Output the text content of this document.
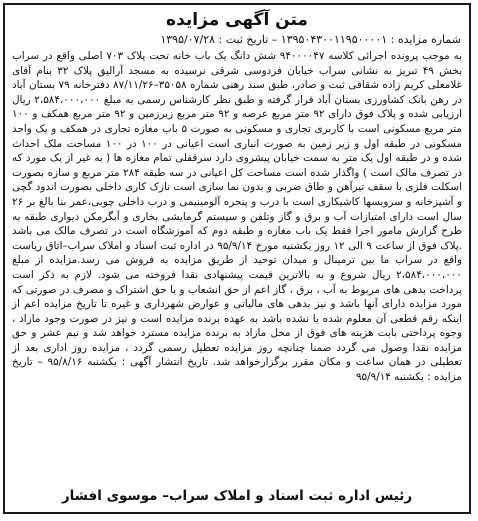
متن آگهی مزایده
شماره مزایده : ۱۳۹۵۰۴۳۰۰۱۱۹۵۰۰۰۰۱ – تاریخ ثبت : ۱۳۹۵/۰۷/۲۸
به موجب پرونده اجرائی کلاسه ۹۴۰۰۰۰۴۷ شش دانگ یک باب خانه تحت پلاک ۷۰۳ اصلی واقع در سراب بخش ۴۹ تبریز به نشانی سراب خیابان فردوسی شرقی نرسیده به مسجد آرالیق پلاک ۳۲ بنام آقای غلامعلی کریم زاده شقاقی ثبت و صادر، طبق سند رهنی شماره ۳۵۰۵۸–۸۷/۱۱/۲۶ دفترخانه ۷۹ بستان آباد در رهن بانک کشاورزی بستان آباد قرار گرفته و طبق نظر کارشناس رسمی به مبلغ ۲،۵۸۴،۰۰۰،۰۰۰ ریال ارزیابی شده و پلاک فوق دارای ۹۲ متر مربع عرصه و ۹۲ متر مربع زیرزمین و ۹۲ متر مربع همکف و ۱۰۰ متر مربع مسکونی است با کاربری تجاری و مسکونی به صورت ۵ باب مغازه تجاری در همکف و یک واحد مسکونی در طبقه اول و زیر زمین به صورت انباری است اعیانی در ۱۰۰ در ۱۰۰ مساحت ملک احداث شده و در طبقه اول یک متر به سمت خیابان پیشروی دارد سرقفلی تمام مغازه ها ( به غیر از یک مورد که در تصرف مالک است ) واگذار شده است مساحت کل اعیانی در سه طبقه ۲۸۴ متر مربع و سازه بصورت اسکلت فلزی با سقف تیرآهن و طاق ضربی و بدون نما سازی است نازک کاری داخلی بصورت اندود گچی و آشپزخانه و سرویسها کاشیکاری است با درب و پنجره آلومینیمی و درب داخلی چوبی،عمر بنا بالغ بر ۲۶ سال است دارای امتیازات آب و برق و گاز وتلفن و سیستم گرمایشی بخاری و آبگرمکن دیواری طبقه به طرح گزارش مامور اجرا فقط یک باب مغازه و طبقه دوم که آموزشگاه است در تصرف مالک می باشد .پلاک فوق از ساعت ۹ الی ۱۲ روز یکشنبه مورخ ۹۵/۹/۱۴ در اداره ثبت اسناد و املاک سراب–اتاق ریاست واقع در سراب ما بین ترمینال و میدان توحید از طریق مزایده به فروش می رسد.مزایده از مبلغ ۲،۵۸۴،۰۰۰،۰۰۰ ریال شروع و به بالاترین قیمت پیشنهادی نقدا فروخته می شود. لازم به ذکر است پرداخت بدهی های مربوط به آب ، برق ، گاز اعم از حق انشعاب و یا حق اشتراک و مصرف در صورتی که مورد مزایده دارای آنها باشد و نیز بدهی های مالیاتی و عوارض شهرداری و غیره تا تاریخ مزایده اعم از اینکه رقم قطعی آن معلوم شده یا نشده باشد به عهده برنده مزایده است و نیز در صورت وجود مازاد ، وجوه پرداختی بابت هزینه های فوق از محل مازاد به برنده مزایده مسترد خواهد شد و نیم عشر و حق مزایده نقدا وصول می گردد ضمنا چنانچه روز مزایده تعطیل رسمی گردد ، مزایده روز اداری بعد از تعطیلی در همان ساعت و مکان مقرر برگزارخواهد شد. تاریخ انتشار آگهی : یکشنبه ۹۵/۸/۱۶ – تاریخ مزایده : یکشنبه ۹۵/۹/۱۴
رئیس اداره ثبت اسناد و املاک سراب– موسوی افشار
